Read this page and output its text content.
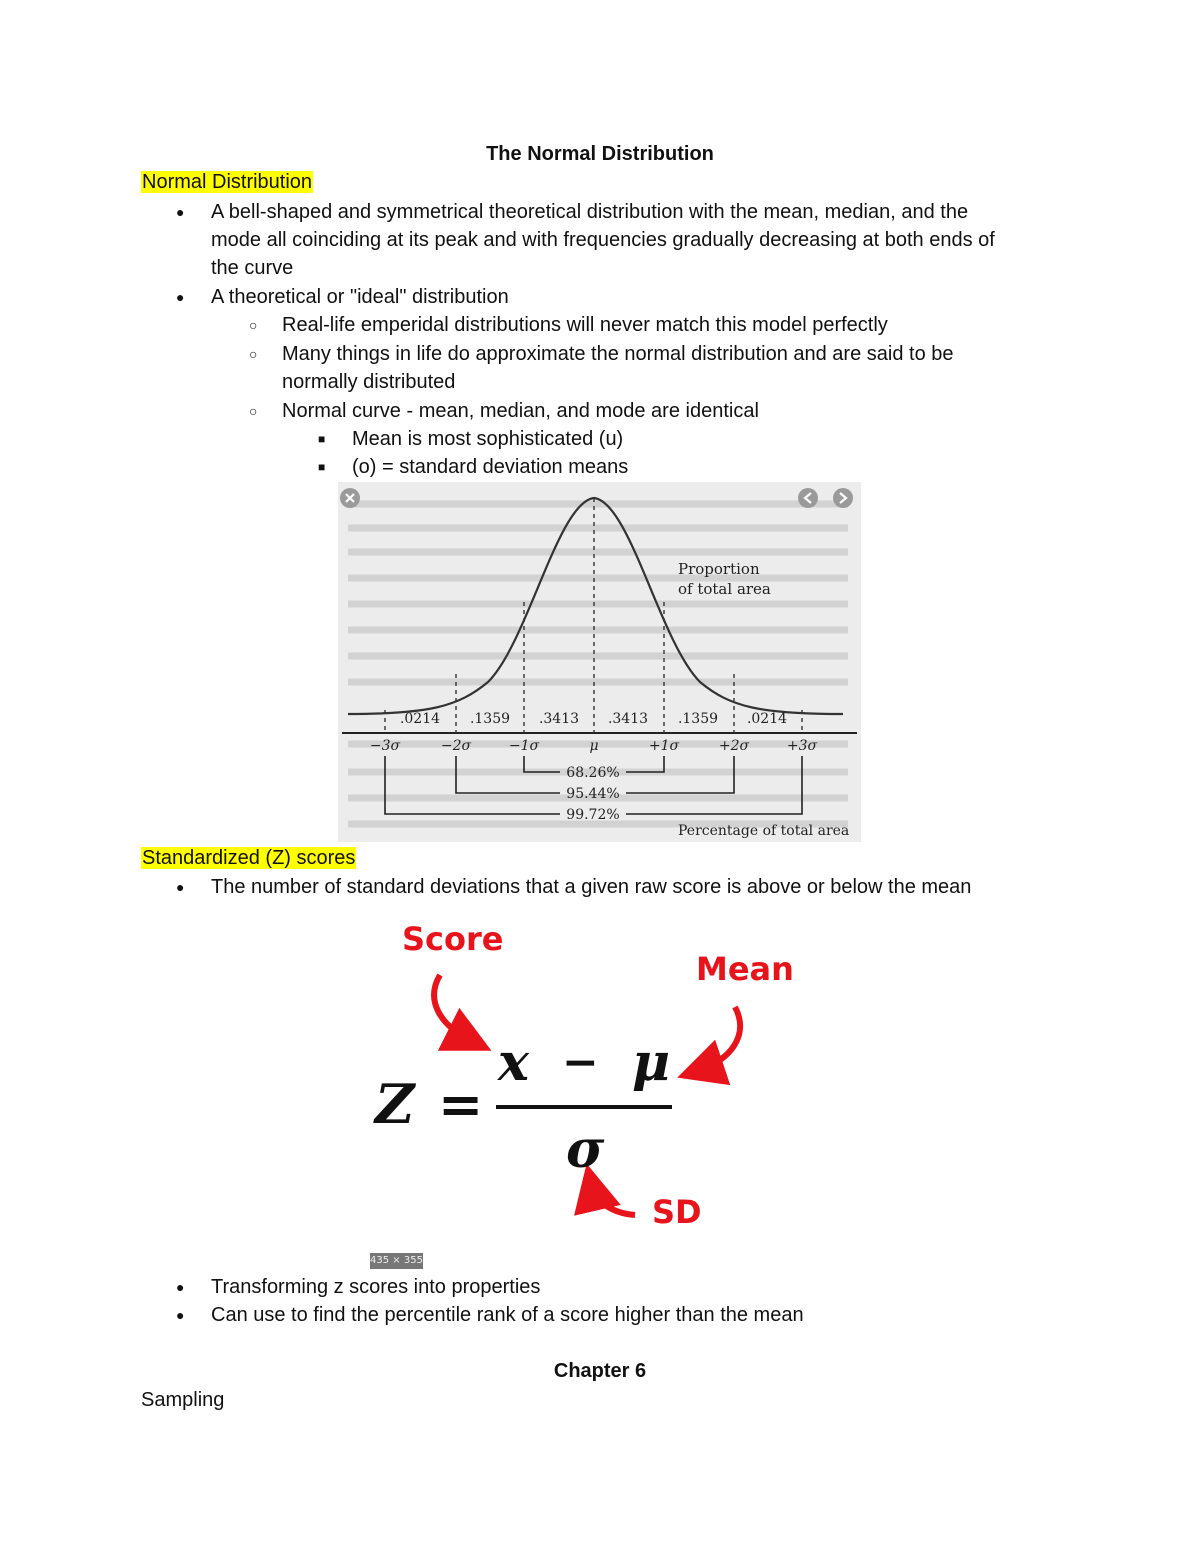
The Normal Distribution
Normal Distribution
● A bell-shaped and symmetrical theoretical distribution with the mean, median, and the
mode all coinciding at its peak and with frequencies gradually decreasing at both ends of
the curve
● A theoretical or "ideal" distribution
○ Real-life emperidal distributions will never match this model perfectly
○ Many things in life do approximate the normal distribution and are said to be
normally distributed
○ Normal curve - mean, median, and mode are identical
■ Mean is most sophisticated (u)
■ (o) = standard deviation means
Proportion
of total area
.0214 .1359 .3413 .3413 .1359 .0214
−3σ	−2σ	−1σ	μ	+1σ	+2σ	+3σ
68.26%
95.44%
99.72%
Percentage of total area
Standardized (Z) scores
● The number of standard deviations that a given raw score is above or below the mean
Score
Mean
SD
Z =
x − μ
σ
435 × 355
● Transforming z scores into properties
● Can use to find the percentile rank of a score higher than the mean
Chapter 6
Sampling
